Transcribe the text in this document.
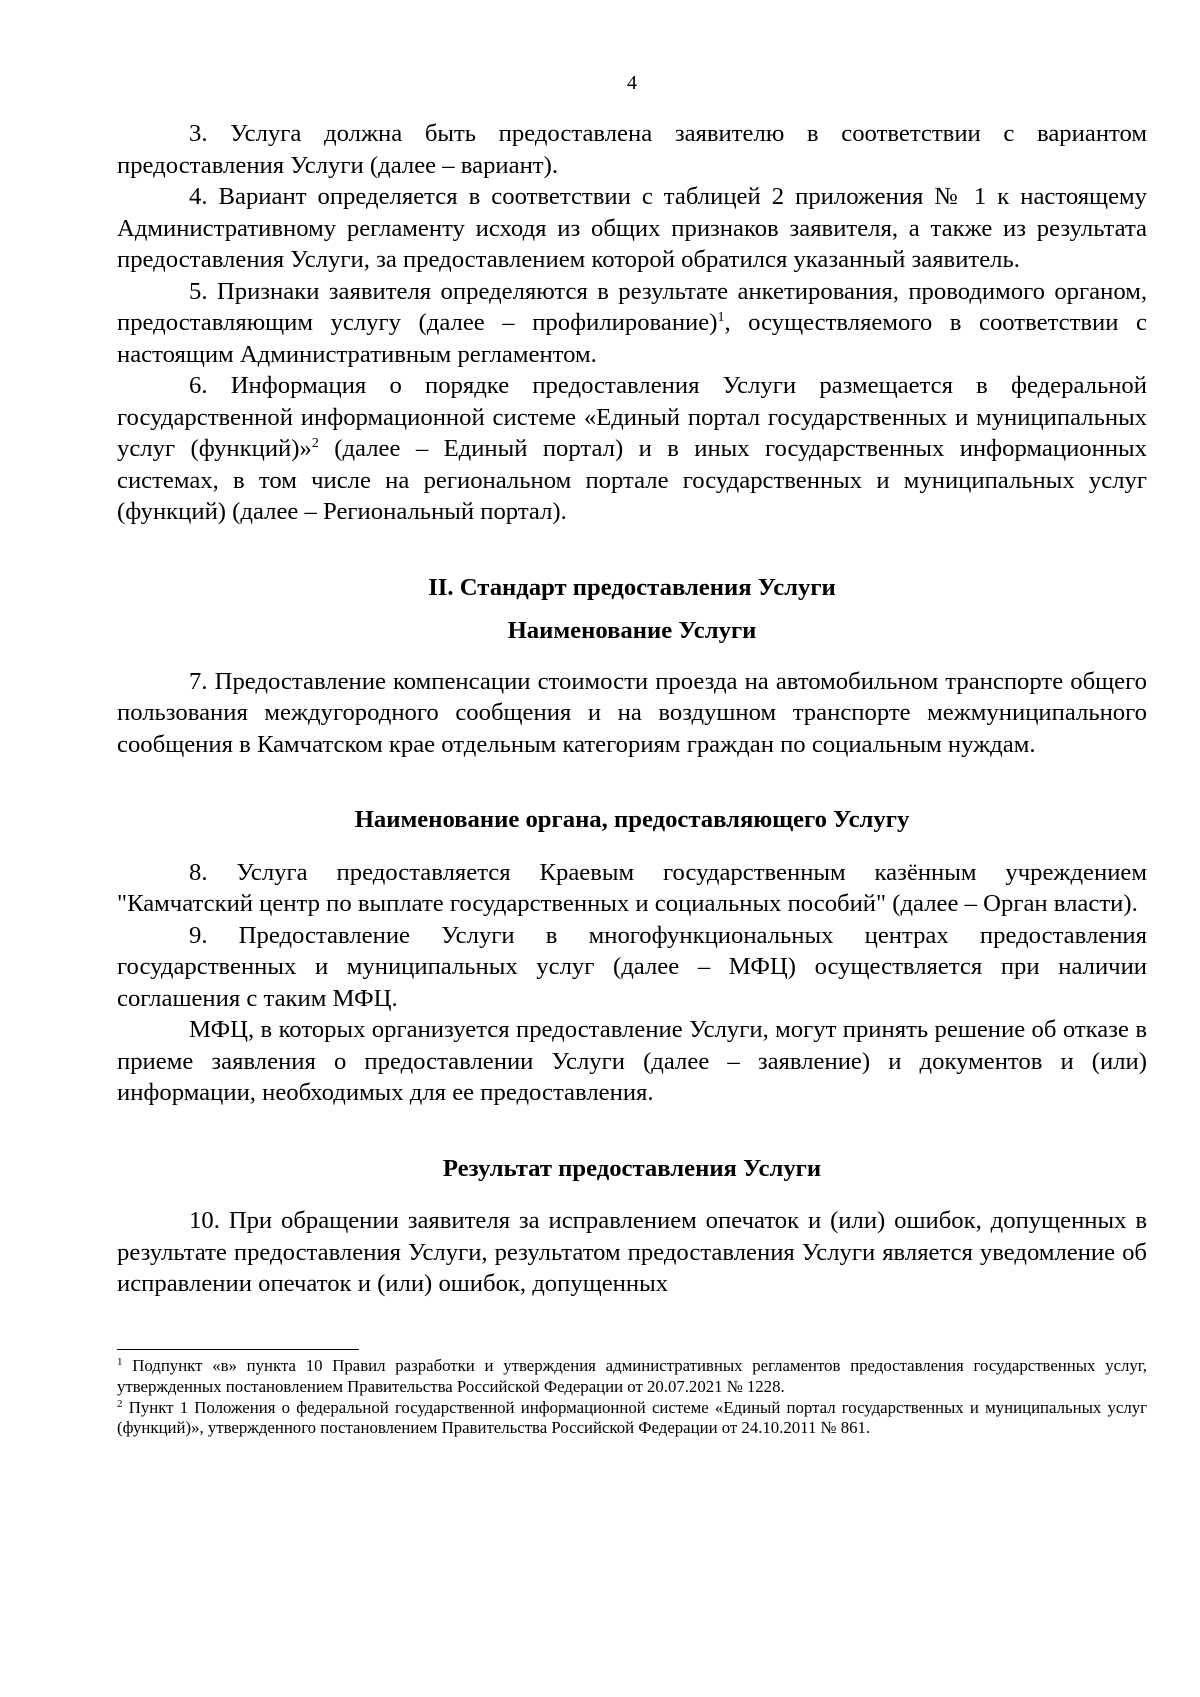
4

3. Услуга должна быть предоставлена заявителю в соответствии с вариантом предоставления Услуги (далее – вариант).

4. Вариант определяется в соответствии с таблицей 2 приложения № 1 к настоящему Административному регламенту исходя из общих признаков заявителя, а также из результата предоставления Услуги, за предоставлением которой обратился указанный заявитель.

5. Признаки заявителя определяются в результате анкетирования, проводимого органом, предоставляющим услугу (далее – профилирование)$^1$, осуществляемого в соответствии с настоящим Административным регламентом.

6. Информация о порядке предоставления Услуги размещается в федеральной государственной информационной системе «Единый портал государственных и муниципальных услуг (функций)»$^2$ (далее – Единый портал) и в иных государственных информационных системах, в том числе на региональном портале государственных и муниципальных услуг (функций) (далее – Региональный портал).

II. Стандарт предоставления Услуги
Наименование Услуги

7. Предоставление компенсации стоимости проезда на автомобильном транспорте общего пользования междугородного сообщения и на воздушном транспорте межмуниципального сообщения в Камчатском крае отдельным категориям граждан по социальным нуждам.

Наименование органа, предоставляющего Услугу

8. Услуга предоставляется Краевым государственным казённым учреждением "Камчатский центр по выплате государственных и социальных пособий" (далее – Орган власти).

9. Предоставление Услуги в многофункциональных центрах предоставления государственных и муниципальных услуг (далее – МФЦ) осуществляется при наличии соглашения с таким МФЦ.

МФЦ, в которых организуется предоставление Услуги, могут принять решение об отказе в приеме заявления о предоставлении Услуги (далее – заявление) и документов и (или) информации, необходимых для ее предоставления.

Результат предоставления Услуги

10. При обращении заявителя за исправлением опечаток и (или) ошибок, допущенных в результате предоставления Услуги, результатом предоставления Услуги является уведомление об исправлении опечаток и (или) ошибок, допущенных

$^1$ Подпункт «в» пункта 10 Правил разработки и утверждения административных регламентов предоставления государственных услуг, утвержденных постановлением Правительства Российской Федерации от 20.07.2021 № 1228.

$^2$ Пункт 1 Положения о федеральной государственной информационной системе «Единый портал государственных и муниципальных услуг (функций)», утвержденного постановлением Правительства Российской Федерации от 24.10.2011 № 861.
